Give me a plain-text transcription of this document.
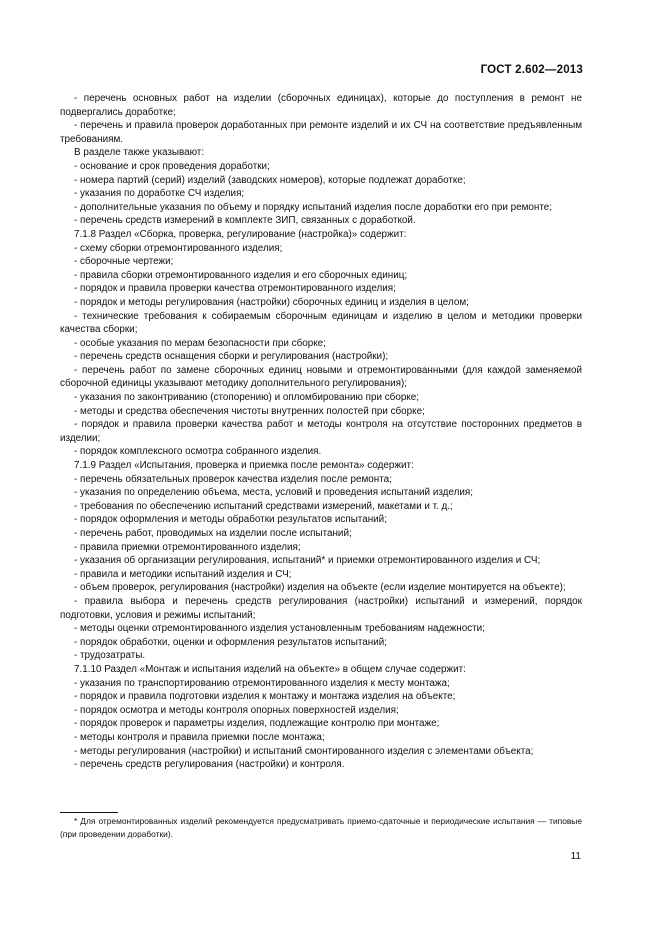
ГОСТ 2.602—2013

- перечень основных работ на изделии (сборочных единицах), которые до поступления в ремонт не подвергались доработке;

- перечень и правила проверок доработанных при ремонте изделий и их СЧ на соответствие предъявленным требованиям.

В разделе также указывают:

- основание и срок проведения доработки;

- номера партий (серий) изделий (заводских номеров), которые подлежат доработке;

- указания по доработке СЧ изделия;

- дополнительные указания по объему и порядку испытаний изделия после доработки его при ремонте;

- перечень средств измерений в комплекте ЗИП, связанных с доработкой.

7.1.8 Раздел «Сборка, проверка, регулирование (настройка)» содержит:

- схему сборки отремонтированного изделия;

- сборочные чертежи;

- правила сборки отремонтированного изделия и его сборочных единиц;

- порядок и правила проверки качества отремонтированного изделия;

- порядок и методы регулирования (настройки) сборочных единиц и изделия в целом;

- технические требования к собираемым сборочным единицам и изделию в целом и методики проверки качества сборки;

- особые указания по мерам безопасности при сборке;

- перечень средств оснащения сборки и регулирования (настройки);

- перечень работ по замене сборочных единиц новыми и отремонтированными (для каждой заменяемой сборочной единицы указывают методику дополнительного регулирования);

- указания по законтриванию (стопорению) и опломбированию при сборке;

- методы и средства обеспечения чистоты внутренних полостей при сборке;

- порядок и правила проверки качества работ и методы контроля на отсутствие посторонних предметов в изделии;

- порядок комплексного осмотра собранного изделия.

7.1.9 Раздел «Испытания, проверка и приемка после ремонта» содержит:

- перечень обязательных проверок качества изделия после ремонта;

- указания по определению объема, места, условий и проведения испытаний изделия;

- требования по обеспечению испытаний средствами измерений, макетами и т. д.;

- порядок оформления и методы обработки результатов испытаний;

- перечень работ, проводимых на изделии после испытаний;

- правила приемки отремонтированного изделия;

- указания об организации регулирования, испытаний* и приемки отремонтированного изделия и СЧ;

- правила и методики испытаний изделия и СЧ;

- объем проверок, регулирования (настройки) изделия на объекте (если изделие монтируется на объекте);

- правила выбора и перечень средств регулирования (настройки) испытаний и измерений, порядок подготовки, условия и режимы испытаний;

- методы оценки отремонтированного изделия установленным требованиям надежности;

- порядок обработки, оценки и оформления результатов испытаний;

- трудозатраты.

7.1.10 Раздел «Монтаж и испытания изделий на объекте» в общем случае содержит:

- указания по транспортированию отремонтированного изделия к месту монтажа;

- порядок и правила подготовки изделия к монтажу и монтажа изделия на объекте;

- порядок осмотра и методы контроля опорных поверхностей изделия;

- порядок проверок и параметры изделия, подлежащие контролю при монтаже;

- методы контроля и правила приемки после монтажа;

- методы регулирования (настройки) и испытаний смонтированного изделия с элементами объекта;

- перечень средств регулирования (настройки) и контроля.

* Для отремонтированных изделий рекомендуется предусматривать приемо-сдаточные и периодические испытания — типовые (при проведении доработки).
11
